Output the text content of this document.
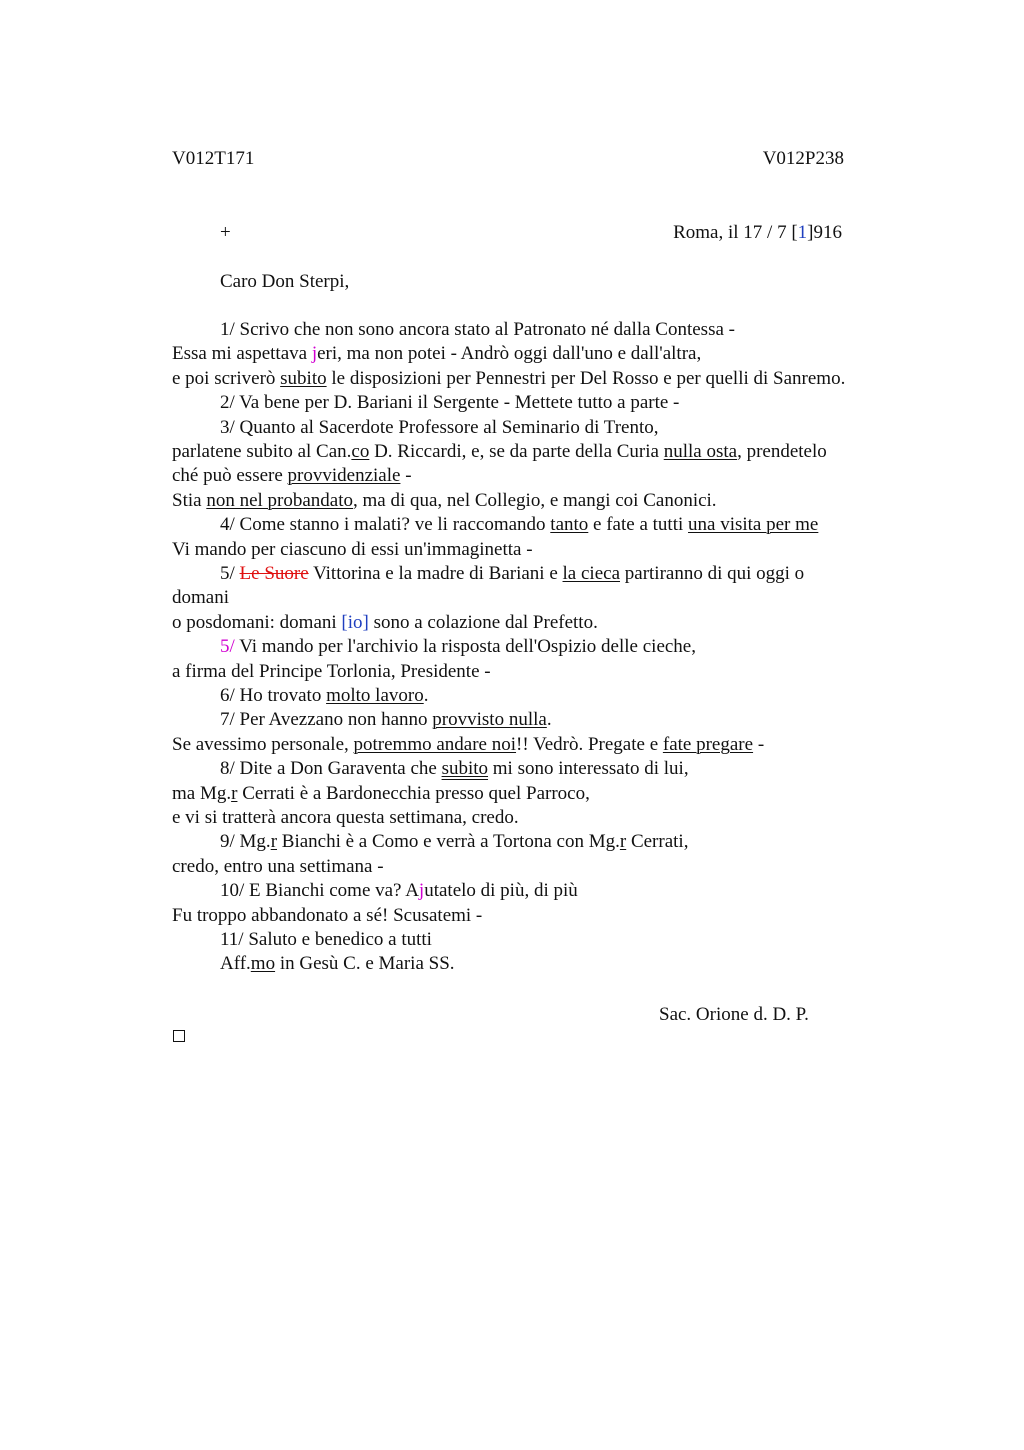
V012T171	V012P238
+	Roma, il 17 / 7 [1]916
Caro Don Sterpi,
1/ Scrivo che non sono ancora stato al Patronato né dalla Contessa -
Essa mi aspettava jeri, ma non potei - Andrò oggi dall'uno e dall'altra,
e poi scriverò subito le disposizioni per Pennestri per Del Rosso e per quelli di Sanremo.
2/ Va bene per D. Bariani il Sergente - Mettete tutto a parte -
3/ Quanto al Sacerdote Professore al Seminario di Trento,
parlatene subito al Can.co D. Riccardi, e, se da parte della Curia nulla osta, prendetelo
ché può essere provvidenziale -
Stia non nel probandato, ma di qua, nel Collegio, e mangi coi Canonici.
4/ Come stanno i malati? ve li raccomando tanto e fate a tutti una visita per me
Vi mando per ciascuno di essi un'immaginetta -
5/ Le Suore Vittorina e la madre di Bariani e la cieca partiranno di qui oggi o
domani
o posdomani: domani [io] sono a colazione dal Prefetto.
5/ Vi mando per l'archivio la risposta dell'Ospizio delle cieche,
a firma del Principe Torlonia, Presidente -
6/ Ho trovato molto lavoro.
7/ Per Avezzano non hanno provvisto nulla.
Se avessimo personale, potremmo andare noi!! Vedrò. Pregate e fate pregare -
8/ Dite a Don Garaventa che subito mi sono interessato di lui,
ma Mg.r Cerrati è a Bardonecchia presso quel Parroco,
e vi si tratterà ancora questa settimana, credo.
9/ Mg.r Bianchi è a Como e verrà a Tortona con Mg.r Cerrati,
credo, entro una settimana -
10/ E Bianchi come va? Ajutatelo di più, di più
Fu troppo abbandonato a sé! Scusatemi -
11/ Saluto e benedico a tutti
Aff.mo in Gesù C. e Maria SS.
Sac. Orione d. D. P.
